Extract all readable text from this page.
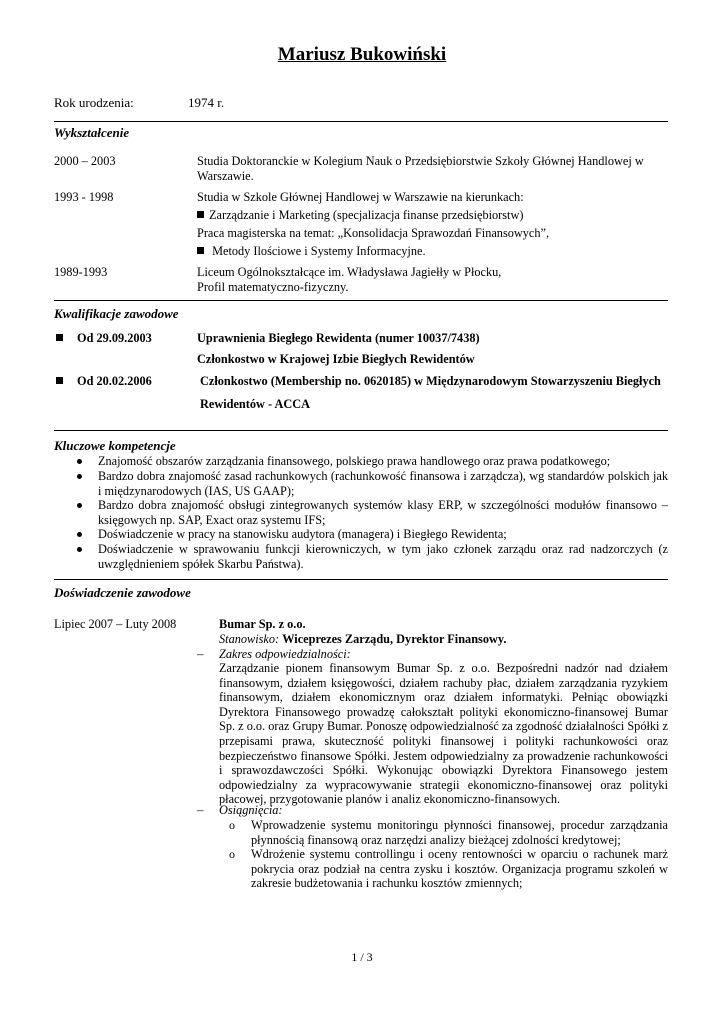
Mariusz Bukowiński
Rok urodzenia:	1974 r.
Wykształcenie
2000 – 2003	Studia Doktoranckie w Kolegium Nauk o Przedsiębiorstwie Szkoły Głównej Handlowej w Warszawie.
1993 - 1998	Studia w Szkole Głównej Handlowej w Warszawie na kierunkach:
Zarządzanie i Marketing (specjalizacja finanse przedsiębiorstw)
Praca magisterska na temat: „Konsolidacja Sprawozdań Finansowych”,
Metody Ilościowe i Systemy Informacyjne.
1989-1993	Liceum Ogólnokształcące im. Władysława Jagiełły w Płocku,
Profil matematyczno-fizyczny.
Kwalifikacje zawodowe
Od 29.09.2003	Uprawnienia Biegłego Rewidenta (numer 10037/7438)
Członkostwo w Krajowej Izbie Biegłych Rewidentów
Od 20.02.2006	Członkostwo (Membership no. 0620185) w Międzynarodowym Stowarzyszeniu Biegłych
Rewidentów - ACCA
Kluczowe kompetencje
Znajomość obszarów zarządzania finansowego, polskiego prawa handlowego oraz prawa podatkowego;
Bardzo dobra znajomość zasad rachunkowych (rachunkowość finansowa i zarządcza), wg standardów polskich jak i międzynarodowych (IAS, US GAAP);
Bardzo dobra znajomość obsługi zintegrowanych systemów klasy ERP, w szczególności modułów finansowo – księgowych np. SAP, Exact oraz systemu IFS;
Doświadczenie w pracy na stanowisku audytora (managera) i Biegłego Rewidenta;
Doświadczenie w sprawowaniu funkcji kierowniczych, w tym jako członek zarządu oraz rad nadzorczych (z uwzględnieniem spółek Skarbu Państwa).
Doświadczenie zawodowe
Lipiec 2007 – Luty 2008	Bumar Sp. z o.o.
Stanowisko: Wiceprezes Zarządu, Dyrektor Finansowy.
– Zakres odpowiedzialności:
Zarządzanie pionem finansowym Bumar Sp. z o.o. Bezpośredni nadzór nad działem finansowym, działem księgowości, działem rachuby płac, działem zarządzania ryzykiem finansowym, działem ekonomicznym oraz działem informatyki. Pełniąc obowiązki Dyrektora Finansowego prowadzę całokształt polityki ekonomiczno-finansowej Bumar Sp. z o.o. oraz Grupy Bumar. Ponoszę odpowiedzialność za zgodność działalności Spółki z przepisami prawa, skuteczność polityki finansowej i polityki rachunkowości oraz bezpieczeństwo finansowe Spółki. Jestem odpowiedzialny za prowadzenie rachunkowości i sprawozdawczości Spółki. Wykonując obowiązki Dyrektora Finansowego jestem odpowiedzialny za wypracowywanie strategii ekonomiczno-finansowej oraz polityki płacowej, przygotowanie planów i analiz ekonomiczno-finansowych.
– Osiągnięcia:
o Wprowadzenie systemu monitoringu płynności finansowej, procedur zarządzania płynnością finansową oraz narzędzi analizy bieżącej zdolności kredytowej;
o Wdrożenie systemu controllingu i oceny rentowności w oparciu o rachunek marż pokrycia oraz podział na centra zysku i kosztów. Organizacja programu szkoleń w zakresie budżetowania i rachunku kosztów zmiennych;
1 / 3
